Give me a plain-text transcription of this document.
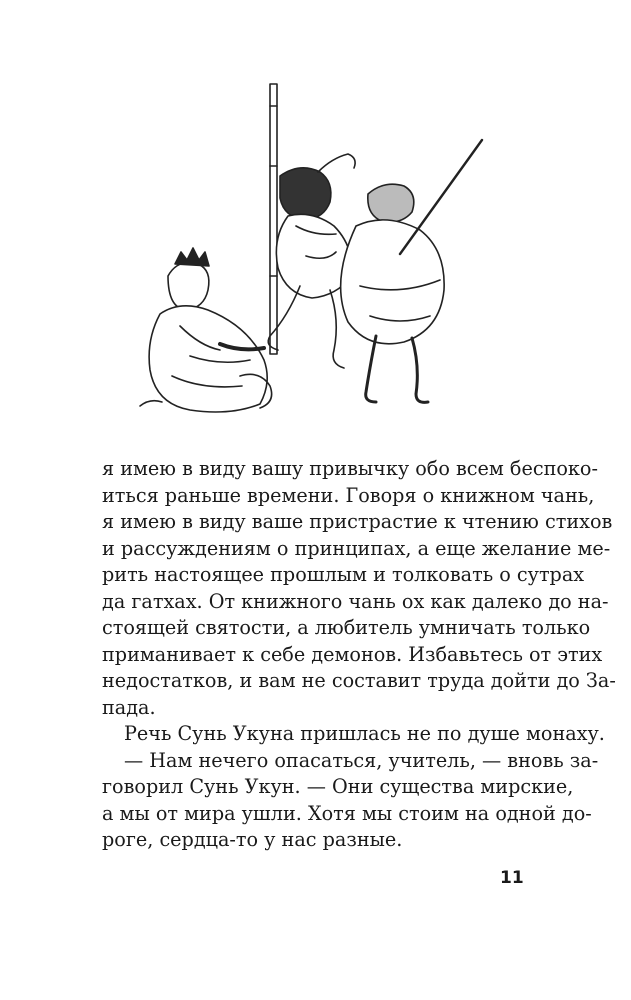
я имею в виду вашу привычку обо всем беспоко-
иться раньше времени. Говоря о книжном чань,
я имею в виду ваше пристрастие к чтению стихов
и рассуждениям о принципах, а еще желание ме-
рить настоящее прошлым и толковать о сутрах
да гатхах. От книжного чань ох как далеко до на-
стоящей святости, а любитель умничать только
приманивает к себе демонов. Избавьтесь от этих
недостатков, и вам не составит труда дойти до За-
пада.
Речь Сунь Укуна пришлась не по душе монаху.
— Нам нечего опасаться, учитель, — вновь за-
говорил Сунь Укун. — Они существа мирские,
а мы от мира ушли. Хотя мы стоим на одной до-
роге, сердца-то у нас разные.
11
